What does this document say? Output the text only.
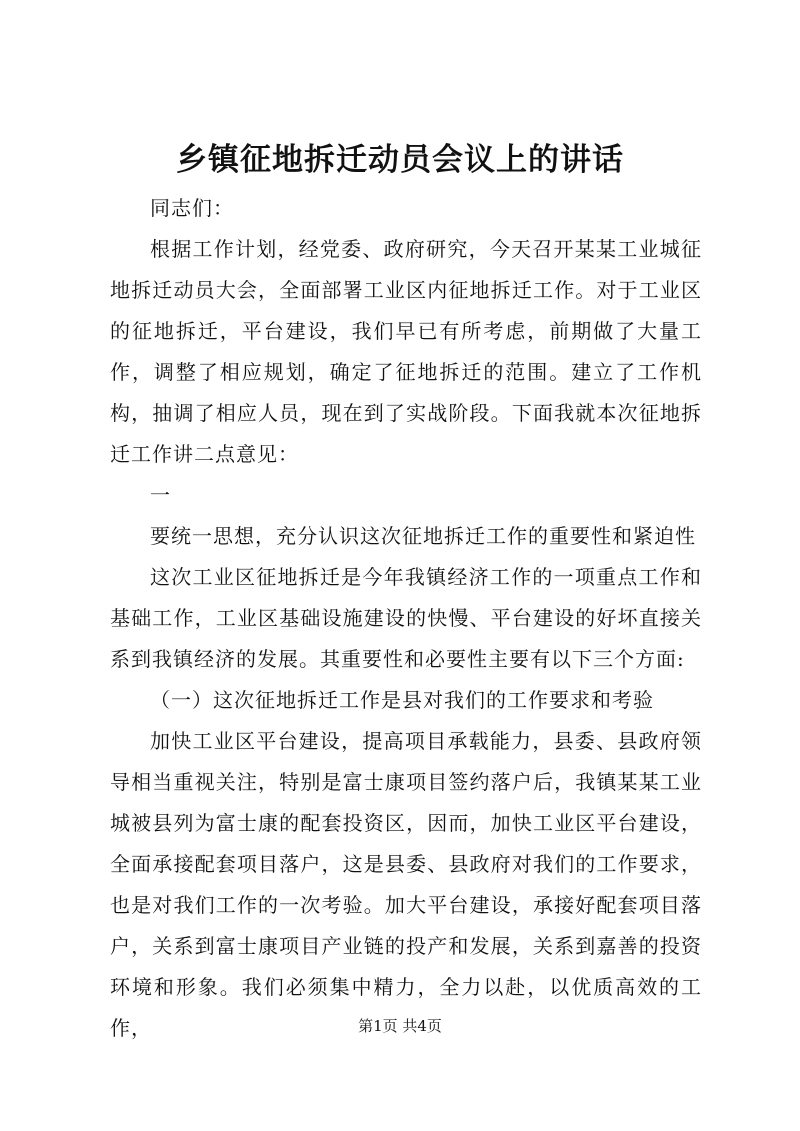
乡镇征地拆迁动员会议上的讲话

同志们：

根据工作计划，经党委、政府研究，今天召开某某工业城征地拆迁动员大会，全面部署工业区内征地拆迁工作。对于工业区的征地拆迁，平台建设，我们早已有所考虑，前期做了大量工作，调整了相应规划，确定了征地拆迁的范围。建立了工作机构，抽调了相应人员，现在到了实战阶段。下面我就本次征地拆迁工作讲二点意见：

一

要统一思想，充分认识这次征地拆迁工作的重要性和紧迫性

这次工业区征地拆迁是今年我镇经济工作的一项重点工作和基础工作，工业区基础设施建设的快慢、平台建设的好坏直接关系到我镇经济的发展。其重要性和必要性主要有以下三个方面:

（一）这次征地拆迁工作是县对我们的工作要求和考验

加快工业区平台建设，提高项目承载能力，县委、县政府领导相当重视关注，特别是富士康项目签约落户后，我镇某某工业城被县列为富士康的配套投资区，因而，加快工业区平台建设，全面承接配套项目落户，这是县委、县政府对我们的工作要求，也是对我们工作的一次考验。加大平台建设，承接好配套项目落户，关系到富士康项目产业链的投产和发展，关系到嘉善的投资环境和形象。我们必须集中精力，全力以赴，以优质高效的工作，	第1页 共4页
